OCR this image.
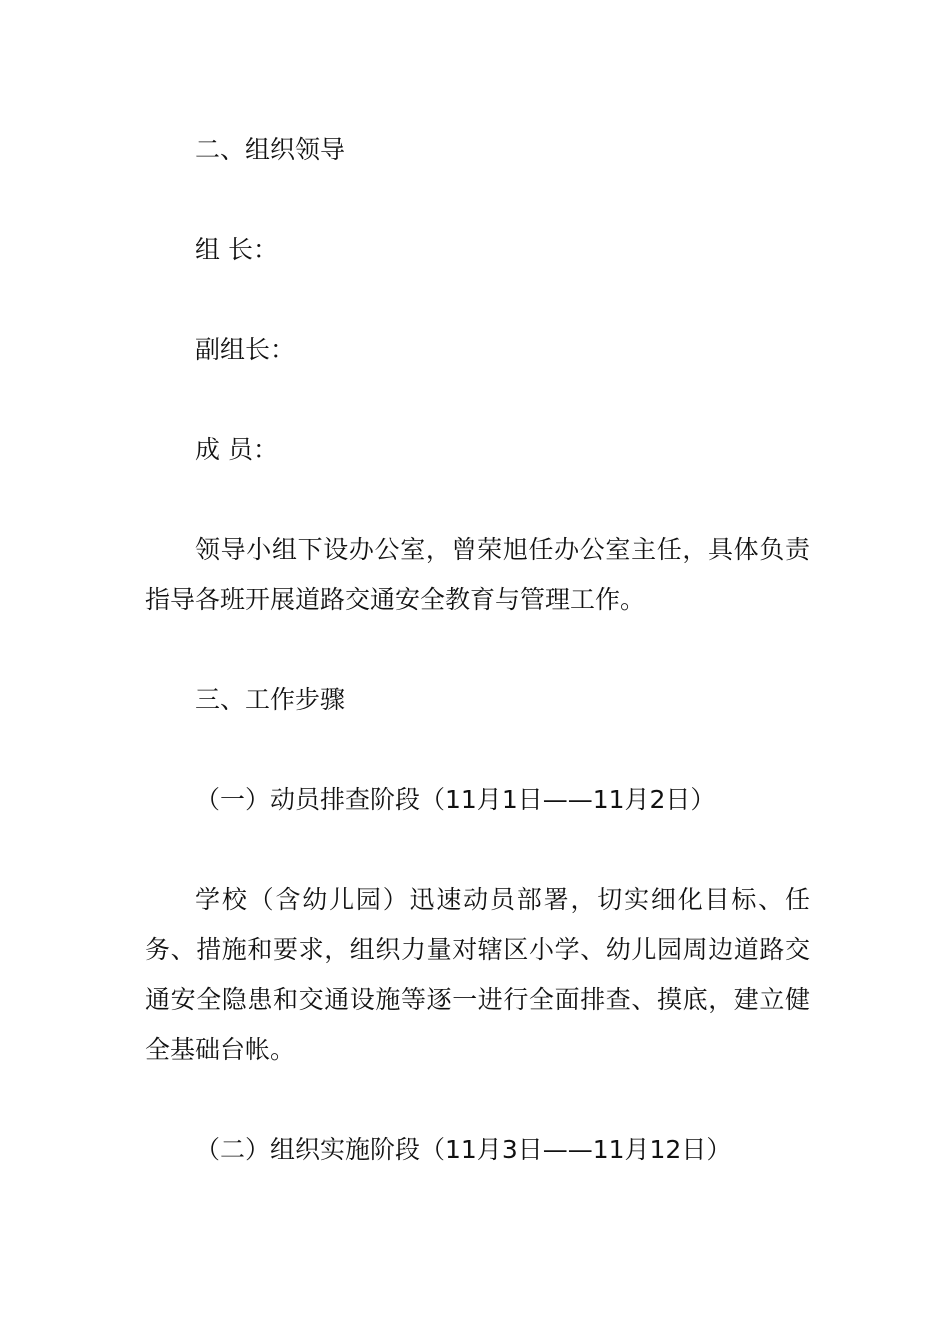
二、组织领导

组 长：

副组长：

成 员：

领导小组下设办公室，曾荣旭任办公室主任，具体负责指导各班开展道路交通安全教育与管理工作。

三、工作步骤

（一）动员排查阶段（11月1日——11月2日）

学校（含幼儿园）迅速动员部署，切实细化目标、任务、措施和要求，组织力量对辖区小学、幼儿园周边道路交通安全隐患和交通设施等逐一进行全面排查、摸底，建立健全基础台帐。

（二）组织实施阶段（11月3日——11月12日）
